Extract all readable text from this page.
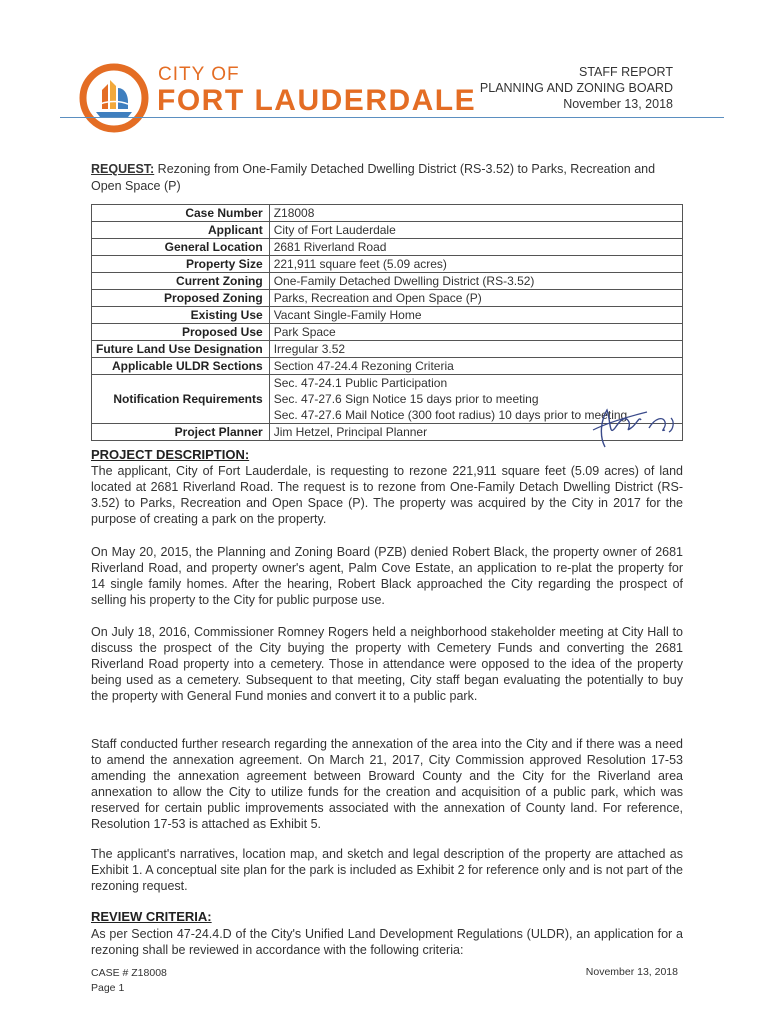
CITY OF
FORT LAUDERDALE
STAFF REPORT
PLANNING AND ZONING BOARD
November 13, 2018
REQUEST: Rezoning from One-Family Detached Dwelling District (RS-3.52) to Parks, Recreation and Open Space (P)
Case Number	Z18008
Applicant	City of Fort Lauderdale
General Location	2681 Riverland Road
Property Size	221,911 square feet (5.09 acres)
Current Zoning	One-Family Detached Dwelling District (RS-3.52)
Proposed Zoning	Parks, Recreation and Open Space (P)
Existing Use	Vacant Single-Family Home
Proposed Use	Park Space
Future Land Use Designation	Irregular 3.52
Applicable ULDR Sections	Section 47-24.4 Rezoning Criteria
Notification Requirements	Sec. 47-24.1 Public Participation
Sec. 47-27.6 Sign Notice 15 days prior to meeting
Sec. 47-27.6 Mail Notice (300 foot radius) 10 days prior to meeting

Project Planner	Jim Hetzel, Principal Planner
PROJECT DESCRIPTION:
The applicant, City of Fort Lauderdale, is requesting to rezone 221,911 square feet (5.09 acres) of land located at 2681 Riverland Road. The request is to rezone from One-Family Detach Dwelling District (RS-3.52) to Parks, Recreation and Open Space (P). The property was acquired by the City in 2017 for the purpose of creating a park on the property.
On May 20, 2015, the Planning and Zoning Board (PZB) denied Robert Black, the property owner of 2681 Riverland Road, and property owner's agent, Palm Cove Estate, an application to re-plat the property for 14 single family homes. After the hearing, Robert Black approached the City regarding the prospect of selling his property to the City for public purpose use.
On July 18, 2016, Commissioner Romney Rogers held a neighborhood stakeholder meeting at City Hall to discuss the prospect of the City buying the property with Cemetery Funds and converting the 2681 Riverland Road property into a cemetery. Those in attendance were opposed to the idea of the property being used as a cemetery. Subsequent to that meeting, City staff began evaluating the potentially to buy the property with General Fund monies and convert it to a public park.
Staff conducted further research regarding the annexation of the area into the City and if there was a need to amend the annexation agreement. On March 21, 2017, City Commission approved Resolution 17-53 amending the annexation agreement between Broward County and the City for the Riverland area annexation to allow the City to utilize funds for the creation and acquisition of a public park, which was reserved for certain public improvements associated with the annexation of County land. For reference, Resolution 17-53 is attached as Exhibit 5.
The applicant's narratives, location map, and sketch and legal description of the property are attached as Exhibit 1. A conceptual site plan for the park is included as Exhibit 2 for reference only and is not part of the rezoning request.
REVIEW CRITERIA:
As per Section 47-24.4.D of the City's Unified Land Development Regulations (ULDR), an application for a rezoning shall be reviewed in accordance with the following criteria:
CASE # Z18008
Page 1
November 13, 2018
